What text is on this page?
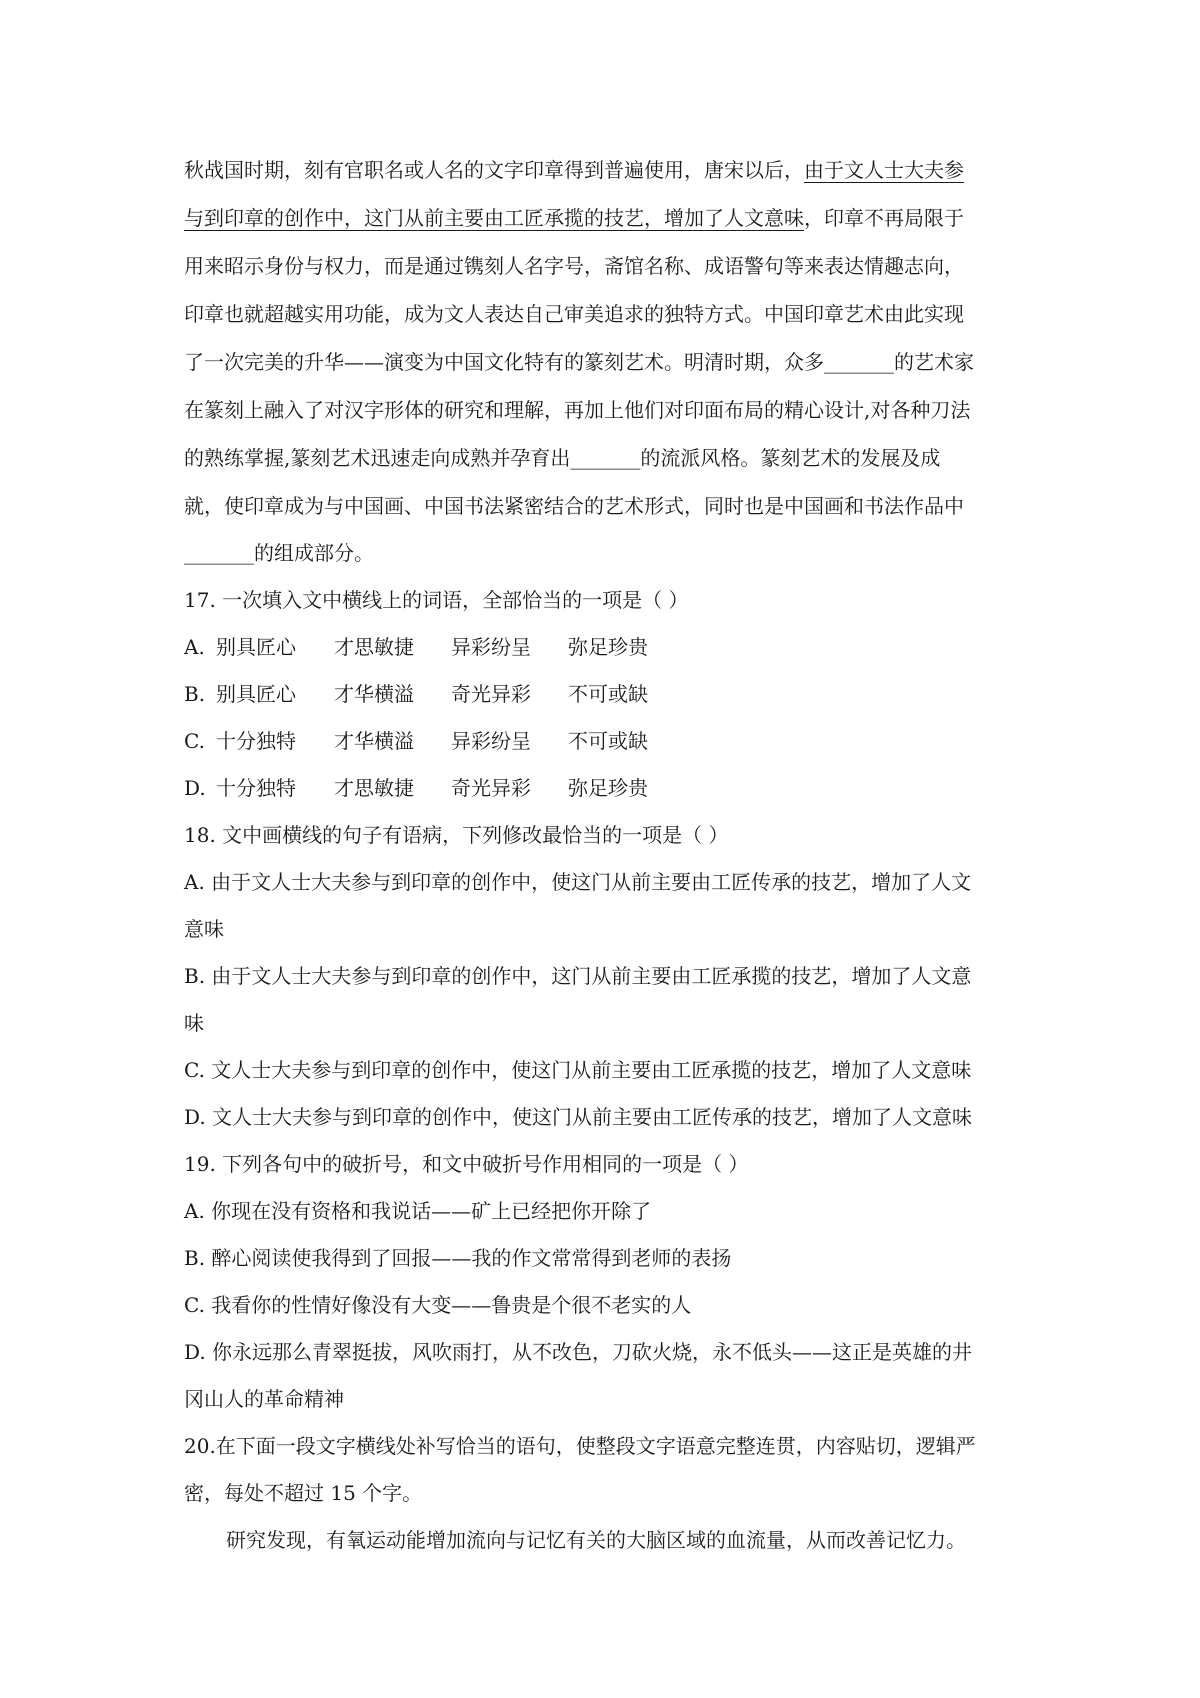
秋战国时期，刻有官职名或人名的文字印章得到普遍使用，唐宋以后，由于文人士大夫参
与到印章的创作中，这门从前主要由工匠承揽的技艺，增加了人文意味，印章不再局限于
用来昭示身份与权力，而是通过镌刻人名字号，斋馆名称、成语警句等来表达情趣志向，
印章也就超越实用功能，成为文人表达自己审美追求的独特方式。中国印章艺术由此实现
了一次完美的升华——演变为中国文化特有的篆刻艺术。明清时期，众多_______的艺术家
在篆刻上融入了对汉字形体的研究和理解，再加上他们对印面布局的精心设计,对各种刀法
的熟练掌握,篆刻艺术迅速走向成熟并孕育出_______的流派风格。篆刻艺术的发展及成
就，使印章成为与中国画、中国书法紧密结合的艺术形式，同时也是中国画和书法作品中
_______的组成部分。
17. 一次填入文中横线上的词语，全部恰当的一项是（ ）
A. 别具匠心 才思敏捷 异彩纷呈 弥足珍贵
B. 别具匠心 才华横溢 奇光异彩 不可或缺
C. 十分独特 才华横溢 异彩纷呈 不可或缺
D. 十分独特 才思敏捷 奇光异彩 弥足珍贵
18. 文中画横线的句子有语病，下列修改最恰当的一项是（ ）
A. 由于文人士大夫参与到印章的创作中，使这门从前主要由工匠传承的技艺，增加了人文
意味
B. 由于文人士大夫参与到印章的创作中，这门从前主要由工匠承揽的技艺，增加了人文意
味
C. 文人士大夫参与到印章的创作中，使这门从前主要由工匠承揽的技艺，增加了人文意味
D. 文人士大夫参与到印章的创作中，使这门从前主要由工匠传承的技艺，增加了人文意味
19. 下列各句中的破折号，和文中破折号作用相同的一项是（ ）
A. 你现在没有资格和我说话——矿上已经把你开除了
B. 醉心阅读使我得到了回报——我的作文常常得到老师的表扬
C. 我看你的性情好像没有大变——鲁贵是个很不老实的人
D. 你永远那么青翠挺拔，风吹雨打，从不改色，刀砍火烧，永不低头——这正是英雄的井
冈山人的革命精神
20.在下面一段文字横线处补写恰当的语句，使整段文字语意完整连贯，内容贴切，逻辑严
密，每处不超过 15 个字。
研究发现，有氧运动能增加流向与记忆有关的大脑区域的血流量，从而改善记忆力。
